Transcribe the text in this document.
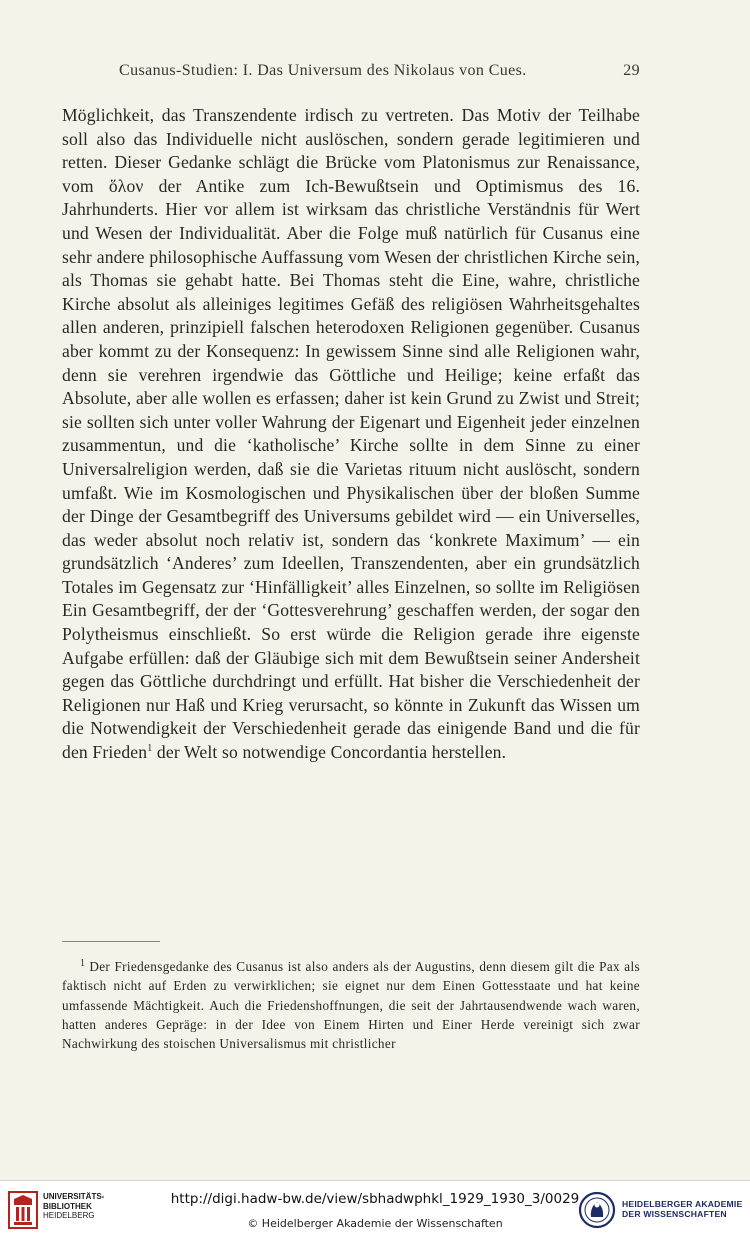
Cusanus-Studien: I. Das Universum des Nikolaus von Cues.	29

Möglichkeit, das Transzendente irdisch zu vertreten. Das Motiv der Teilhabe soll also das Individuelle nicht auslöschen, sondern gerade legitimieren und retten. Dieser Gedanke schlägt die Brücke vom Platonismus zur Renaissance, vom ὅλον der Antike zum Ich-Bewußtsein und Optimismus des 16. Jahrhunderts. Hier vor allem ist wirksam das christliche Verständnis für Wert und Wesen der Individualität. Aber die Folge muß natürlich für Cusanus eine sehr andere philosophische Auffassung vom Wesen der christlichen Kirche sein, als Thomas sie gehabt hatte. Bei Thomas steht die Eine, wahre, christliche Kirche absolut als alleiniges legitimes Gefäß des religiösen Wahrheitsgehaltes allen anderen, prinzipiell falschen heterodoxen Religionen gegenüber. Cusanus aber kommt zu der Konsequenz: In gewissem Sinne sind alle Religionen wahr, denn sie verehren irgendwie das Göttliche und Heilige; keine erfaßt das Absolute, aber alle wollen es erfassen; daher ist kein Grund zu Zwist und Streit; sie sollten sich unter voller Wahrung der Eigenart und Eigenheit jeder einzelnen zusammentun, und die ‘katholische’ Kirche sollte in dem Sinne zu einer Universalreligion werden, daß sie die Varietas rituum nicht auslöscht, sondern umfaßt. Wie im Kosmologischen und Physikalischen über der bloßen Summe der Dinge der Gesamtbegriff des Universums gebildet wird — ein Universelles, das weder absolut noch relativ ist, sondern das ‘konkrete Maximum’ — ein grundsätzlich ‘Anderes’ zum Ideellen, Transzendenten, aber ein grundsätzlich Totales im Gegensatz zur ‘Hinfälligkeit’ alles Einzelnen, so sollte im Religiösen Ein Gesamtbegriff, der der ‘Gottesverehrung’ geschaffen werden, der sogar den Polytheismus einschließt. So erst würde die Religion gerade ihre eigenste Aufgabe erfüllen: daß der Gläubige sich mit dem Bewußtsein seiner Andersheit gegen das Göttliche durchdringt und erfüllt. Hat bisher die Verschiedenheit der Religionen nur Haß und Krieg verursacht, so könnte in Zukunft das Wissen um die Notwendigkeit der Verschiedenheit gerade das einigende Band und die für den Frieden$^1$ der Welt so notwendige Concordantia herstellen.

$^1$ Der Friedensgedanke des Cusanus ist also anders als der Augustins, denn diesem gilt die Pax als faktisch nicht auf Erden zu verwirklichen; sie eignet nur dem Einen Gottesstaate und hat keine umfassende Mächtigkeit. Auch die Friedenshoffnungen, die seit der Jahrtausendwende wach waren, hatten anderes Gepräge: in der Idee von Einem Hirten und Einer Herde vereinigt sich zwar Nachwirkung des stoischen Universalismus mit christlicher
UNIVERSITÄTS-
BIBLIOTHEK
HEIDELBERG
http://digi.hadw-bw.de/view/sbhadwphkl_1929_1930_3/0029
© Heidelberger Akademie der Wissenschaften
HEIDELBERGER AKADEMIE
DER WISSENSCHAFTEN
